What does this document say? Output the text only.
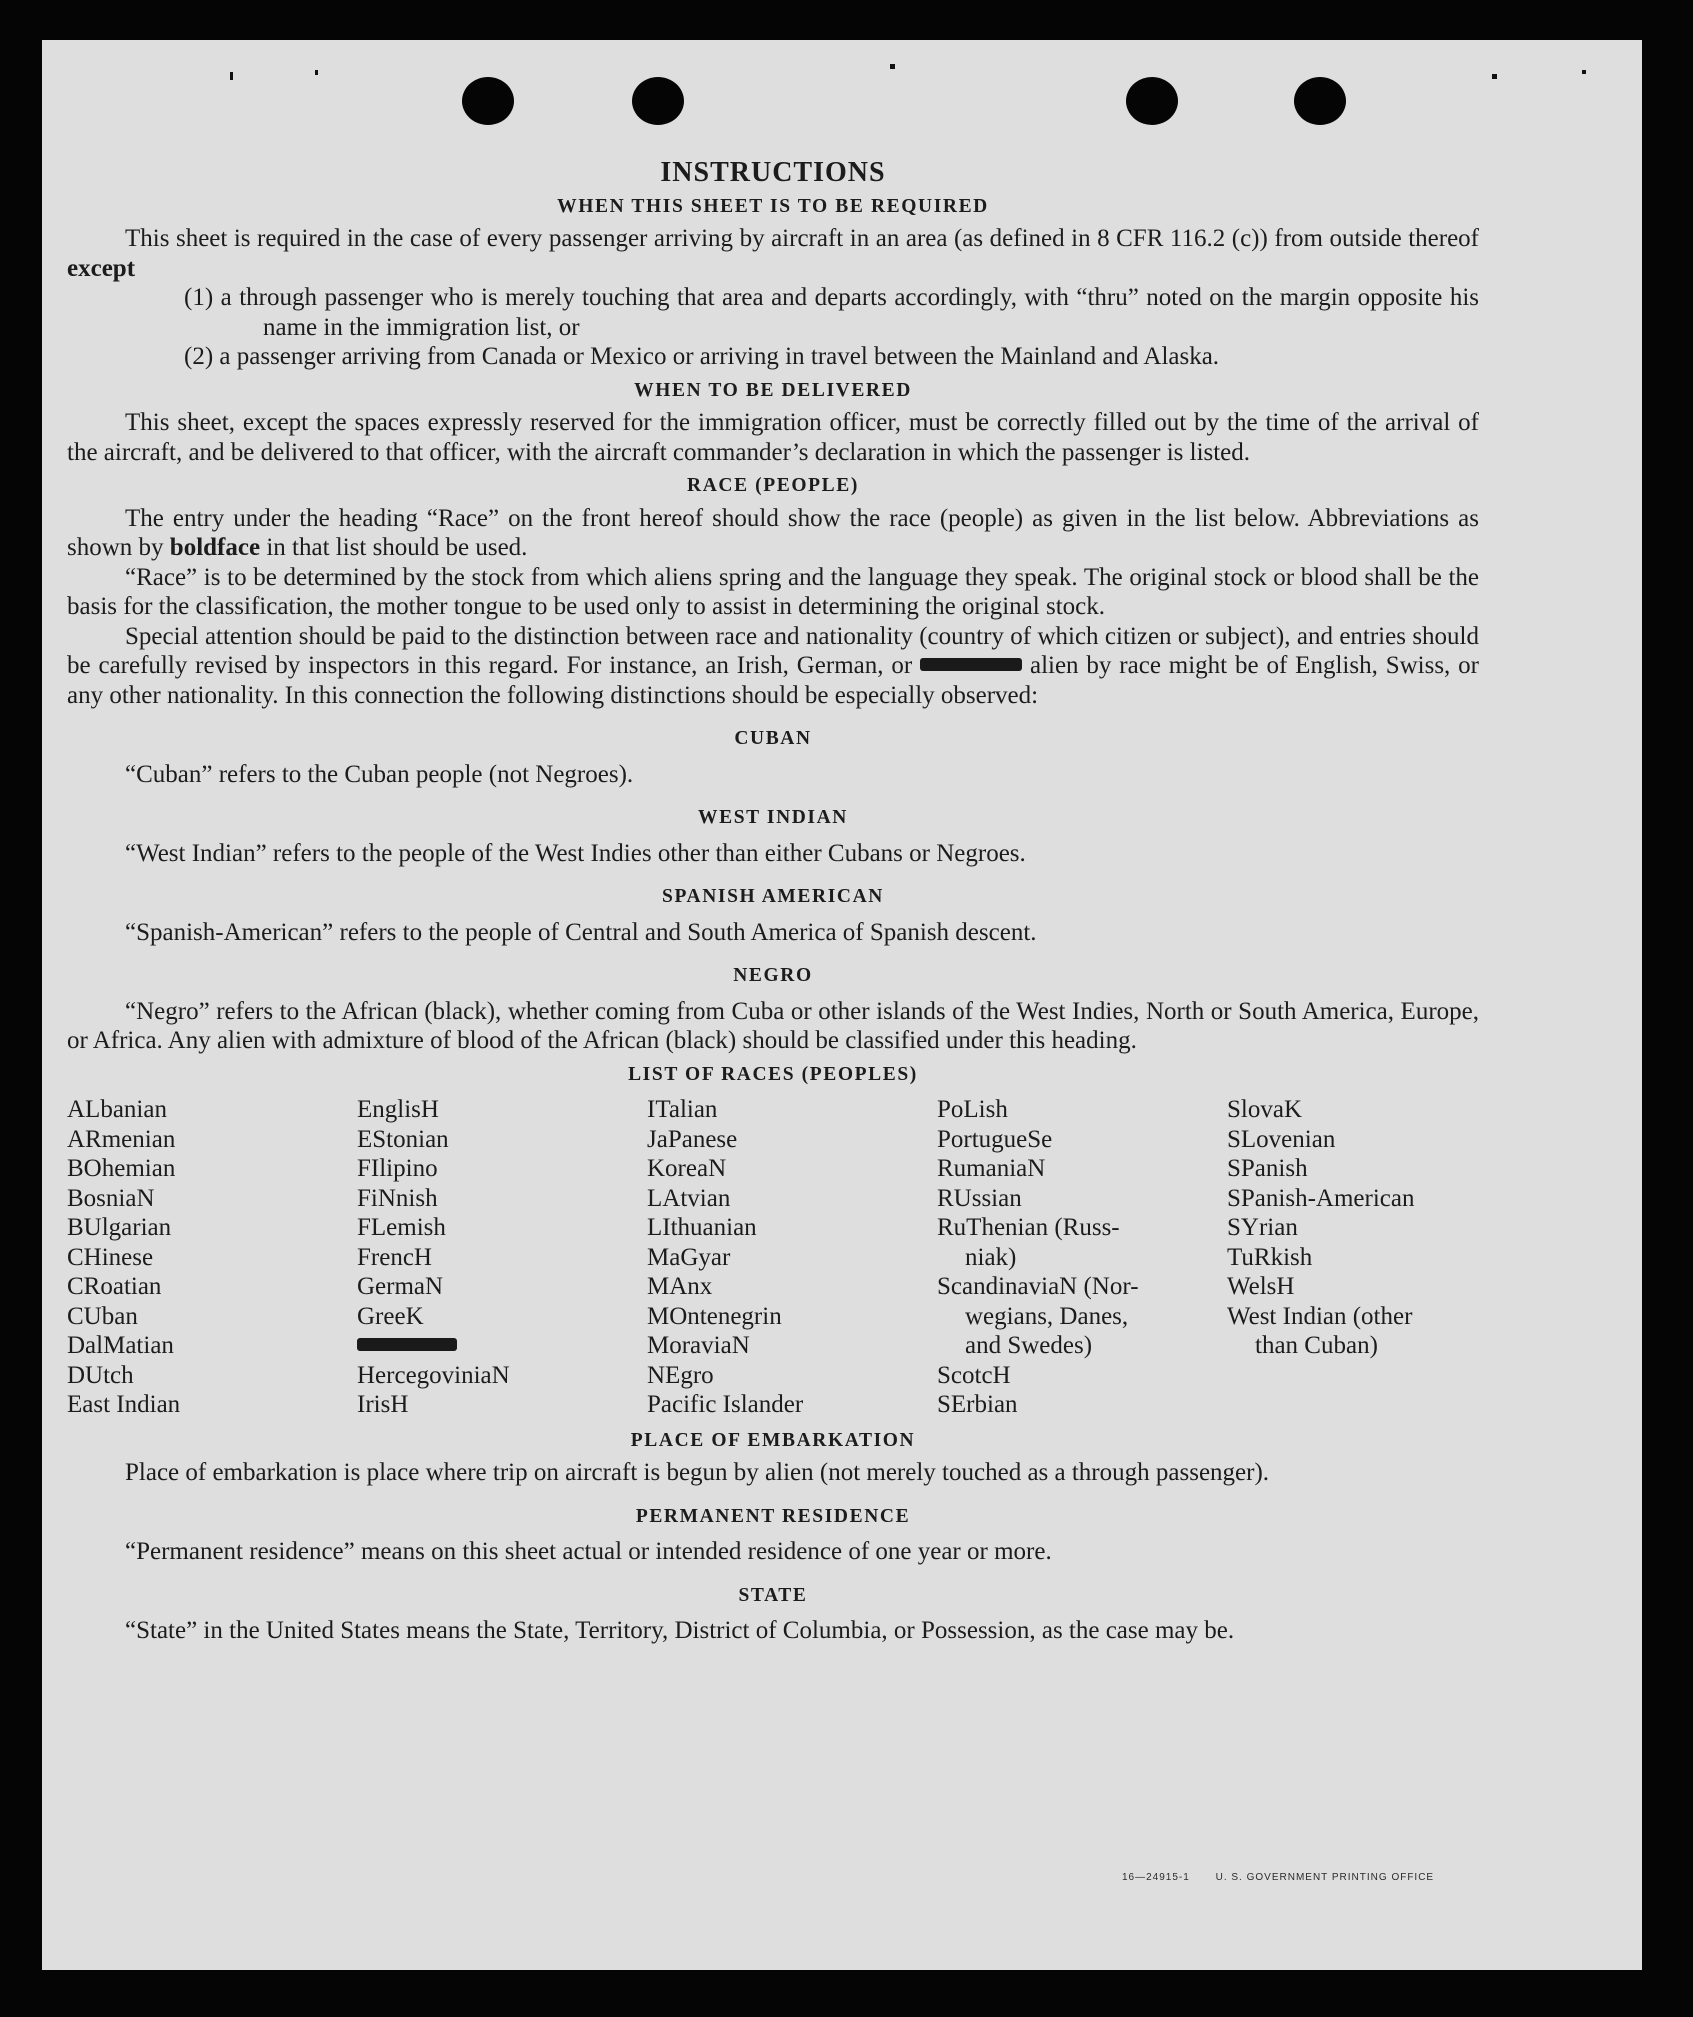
INSTRUCTIONS
WHEN THIS SHEET IS TO BE REQUIRED

This sheet is required in the case of every passenger arriving by aircraft in an area (as defined in 8 CFR 116.2 (c)) from outside thereof except

(1) a through passenger who is merely touching that area and departs accordingly, with “thru” noted on the margin opposite his name in the immigration list, or

(2) a passenger arriving from Canada or Mexico or arriving in travel between the Mainland and Alaska.

WHEN TO BE DELIVERED

This sheet, except the spaces expressly reserved for the immigration officer, must be correctly filled out by the time of the arrival of the aircraft, and be delivered to that officer, with the aircraft commander’s declaration in which the passenger is listed.

RACE (PEOPLE)

The entry under the heading “Race” on the front hereof should show the race (people) as given in the list below. Abbreviations as shown by boldface in that list should be used.

“Race” is to be determined by the stock from which aliens spring and the language they speak. The original stock or blood shall be the basis for the classification, the mother tongue to be used only to assist in determining the original stock.

Special attention should be paid to the distinction between race and nationality (country of which citizen or subject), and entries should be carefully revised by inspectors in this regard. For instance, an Irish, German, or	alien by race might be of English, Swiss, or any other nationality. In this connection the following distinctions should be especially observed:

CUBAN

“Cuban” refers to the Cuban people (not Negroes).

WEST INDIAN

“West Indian” refers to the people of the West Indies other than either Cubans or Negroes.

SPANISH AMERICAN

“Spanish-American” refers to the people of Central and South America of Spanish descent.

NEGRO

“Negro” refers to the African (black), whether coming from Cuba or other islands of the West Indies, North or South America, Europe, or Africa. Any alien with admixture of blood of the African (black) should be classified under this heading.

LIST OF RACES (PEOPLES)
ALbanian
ARmenian
BOhemian
BosniaN
BUlgarian
CHinese
CRoatian
CUban
DalMatian
DUtch
East Indian
EnglisH
EStonian
FIlipino
FiNnish
FLemish
FrencH
GermaN
GreeK
HercegoviniaN
IrisH
ITalian
JaPanese
KoreaN
LAtvian
LIthuanian
MaGyar
MAnx
MOntenegrin
MoraviaN
NEgro
Pacific Islander
PoLish
PortugueSe
RumaniaN
RUssian
RuThenian (Russ-
niak)
ScandinaviaN (Nor-
wegians, Danes,
and Swedes)
ScotcH
SErbian
SlovaK
SLovenian
SPanish
SPanish-American
SYrian
TuRkish
WelsH
West Indian (other
than Cuban)
PLACE OF EMBARKATION

Place of embarkation is place where trip on aircraft is begun by alien (not merely touched as a through passenger).

PERMANENT RESIDENCE

“Permanent residence” means on this sheet actual or intended residence of one year or more.

STATE

“State” in the United States means the State, Territory, District of Columbia, or Possession, as the case may be.

16—24915-1	U. S. GOVERNMENT PRINTING OFFICE
